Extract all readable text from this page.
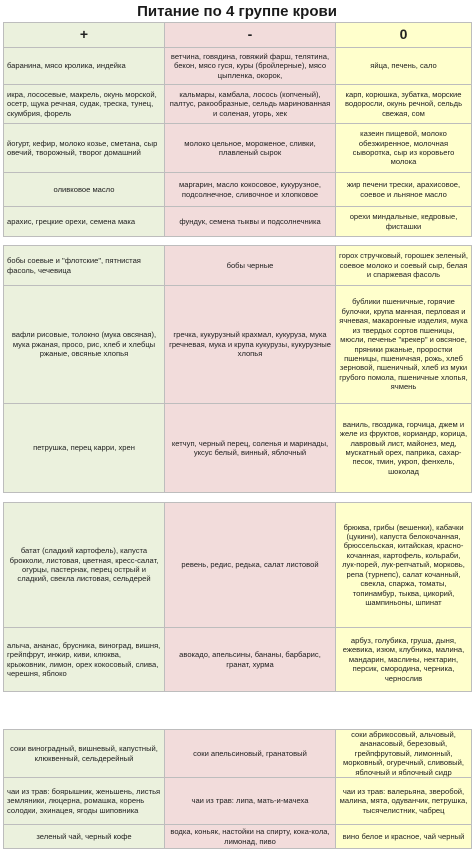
Питание по 4 группе крови
+	-	0
баранина, мясо кролика, индейка	ветчина, говядина, говяжий фарш, телятина, бекон, мясо гуся, куры (бройлерные), мясо цыпленка, окорок,	яйца, печень, сало
икра, лососевые, макрель, окунь морской, осетр, щука речная, судак, треска, тунец, скумбрия, форель	кальмары, камбала, лосось (копченый), палтус, ракообразные, сельдь маринованная и соленая, угорь, хек	карп, корюшка, зубатка, морские водоросли, окунь речной, сельдь свежая, сом
йогурт, кефир, молоко козье, сметана, сыр овечий, творожный, творог домашний	молоко цельное, мороженое, сливки, плавленый сырок	казеин пищевой, молоко обезжиренное, молочная сыворотка, сыр из коровьего молока
оливковое масло	маргарин, масло кокосовое, кукурузное, подсолнечное, сливочное и хлопковое	жир печени трески, арахисовое, соевое и льняное масло
арахис, грецкие орехи, семена мака	фундук, семена тыквы и подсолнечника	орехи миндальные, кедровые, фисташки
бобы соевые и "флотские", пятнистая фасоль, чечевица	бобы черные	горох стручковый, горошек зеленый, соевое молоко и соевый сыр, белая и спаржевая фасоль
вафли рисовые, толокно (мука овсяная), мука ржаная, просо, рис, хлеб и хлебцы ржаные, овсяные хлопья	гречка, кукурузный крахмал, кукуруза, мука гречневая, мука и крупа кукурузы, кукурузные хлопья	бублики пшеничные, горячие булочки, крупа манная, перловая и ячневая, макаронные изделия, мука из твердых сортов пшеницы, мюсли, печенье "крекер" и овсяное, пряники ржаные, проростки пшеницы, пшеничная, рожь, хлеб зерновой, пшеничный, хлеб из муки грубого помола, пшеничные хлопья, ячмень
петрушка, перец карри, хрен	кетчуп, черный перец, соленья и маринады, уксус белый, винный, яблочный	ваниль, гвоздика, горчица, джем и желе из фруктов, кориандр, корица, лавровый лист, майонез, мед, мускатный орех, паприка, сахар-песок, тмин, укроп, фенхель, шоколад
батат (сладкий картофель), капуста брокколи, листовая, цветная, кресс-салат, огурцы, пастернак, перец острый и сладкий, свекла листовая, сельдерей	ревень, редис, редька, салат листовой	брюква, грибы (вешенки), кабачки (цукини), капуста белокочанная, брюссельская, китайская, краснокочанная, картофель, кольраби, лук-порей, лук-репчатый, морковь, репа (турнепс), салат кочанный, свекла, спаржа, томаты, топинамбур, тыква, цикорий, шампиньоны, шпинат
алыча, ананас, брусника, виноград, вишня, грейпфрут, инжир, киви, клюква, крыжовник, лимон, орех кокосовый, слива, черешня, яблоко	авокадо, апельсины, бананы, барбарис, гранат, хурма	арбуз, голубика, груша, дыня, ежевика, изюм, клубника, малина, мандарин, маслины, нектарин, персик, смородина, черника, чернослив
соки виноградный, вишневый, капустный, клюквенный, сельдерейный	соки апельсиновый, гранатовый	соки абрикосовый, альчовый, ананасовый, березовый, грейпфрутовый, лимонный, морковный, огуречный, сливовый, яблочный и яблочный сидр
чаи из трав: боярышник, женьшень, листья земляники, люцерна, ромашка, корень солодки, эхинацея, ягоды шиповника	чаи из трав: липа, мать-и-мачеха	чаи из трав: валерьяна, зверобой, малина, мята, одуванчик, петрушка, тысячелистник, чабрец
зеленый чай, черный кофе	водка, коньяк, настойки на спирту, кока-кола, лимонад, пиво	вино белое и красное, чай черный
